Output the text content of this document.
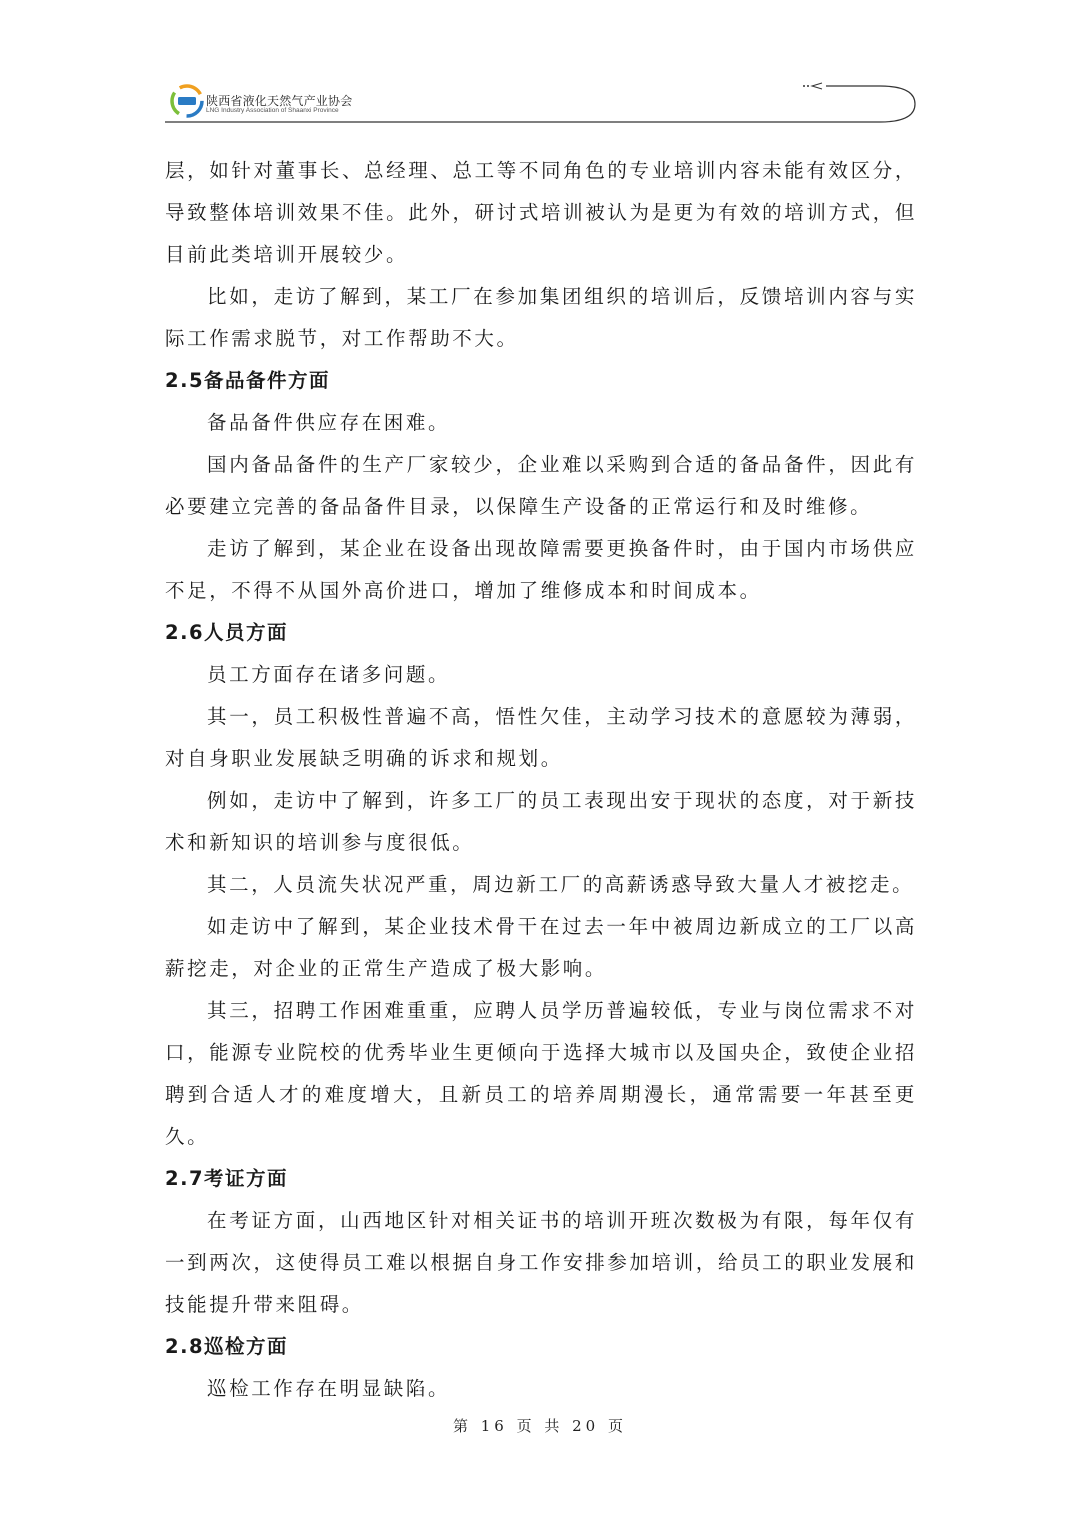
陕西省液化天然气产业协会
LNG Industry Association of Shaanxi Province

层，如针对董事长、总经理、总工等不同角色的专业培训内容未能有效区分，导致整体培训效果不佳。此外，研讨式培训被认为是更为有效的培训方式，但目前此类培训开展较少。

比如，走访了解到，某工厂在参加集团组织的培训后，反馈培训内容与实际工作需求脱节，对工作帮助不大。

2.5备品备件方面

备品备件供应存在困难。

国内备品备件的生产厂家较少，企业难以采购到合适的备品备件，因此有必要建立完善的备品备件目录，以保障生产设备的正常运行和及时维修。

走访了解到，某企业在设备出现故障需要更换备件时，由于国内市场供应不足，不得不从国外高价进口，增加了维修成本和时间成本。

2.6人员方面

员工方面存在诸多问题。

其一，员工积极性普遍不高，悟性欠佳，主动学习技术的意愿较为薄弱，对自身职业发展缺乏明确的诉求和规划。

例如，走访中了解到，许多工厂的员工表现出安于现状的态度，对于新技术和新知识的培训参与度很低。

其二，人员流失状况严重，周边新工厂的高薪诱惑导致大量人才被挖走。

如走访中了解到，某企业技术骨干在过去一年中被周边新成立的工厂以高薪挖走，对企业的正常生产造成了极大影响。

其三，招聘工作困难重重，应聘人员学历普遍较低，专业与岗位需求不对口，能源专业院校的优秀毕业生更倾向于选择大城市以及国央企，致使企业招聘到合适人才的难度增大，且新员工的培养周期漫长，通常需要一年甚至更久。

2.7考证方面

在考证方面，山西地区针对相关证书的培训开班次数极为有限，每年仅有一到两次，这使得员工难以根据自身工作安排参加培训，给员工的职业发展和技能提升带来阻碍。

2.8巡检方面

巡检工作存在明显缺陷。

第 16 页 共 20 页
